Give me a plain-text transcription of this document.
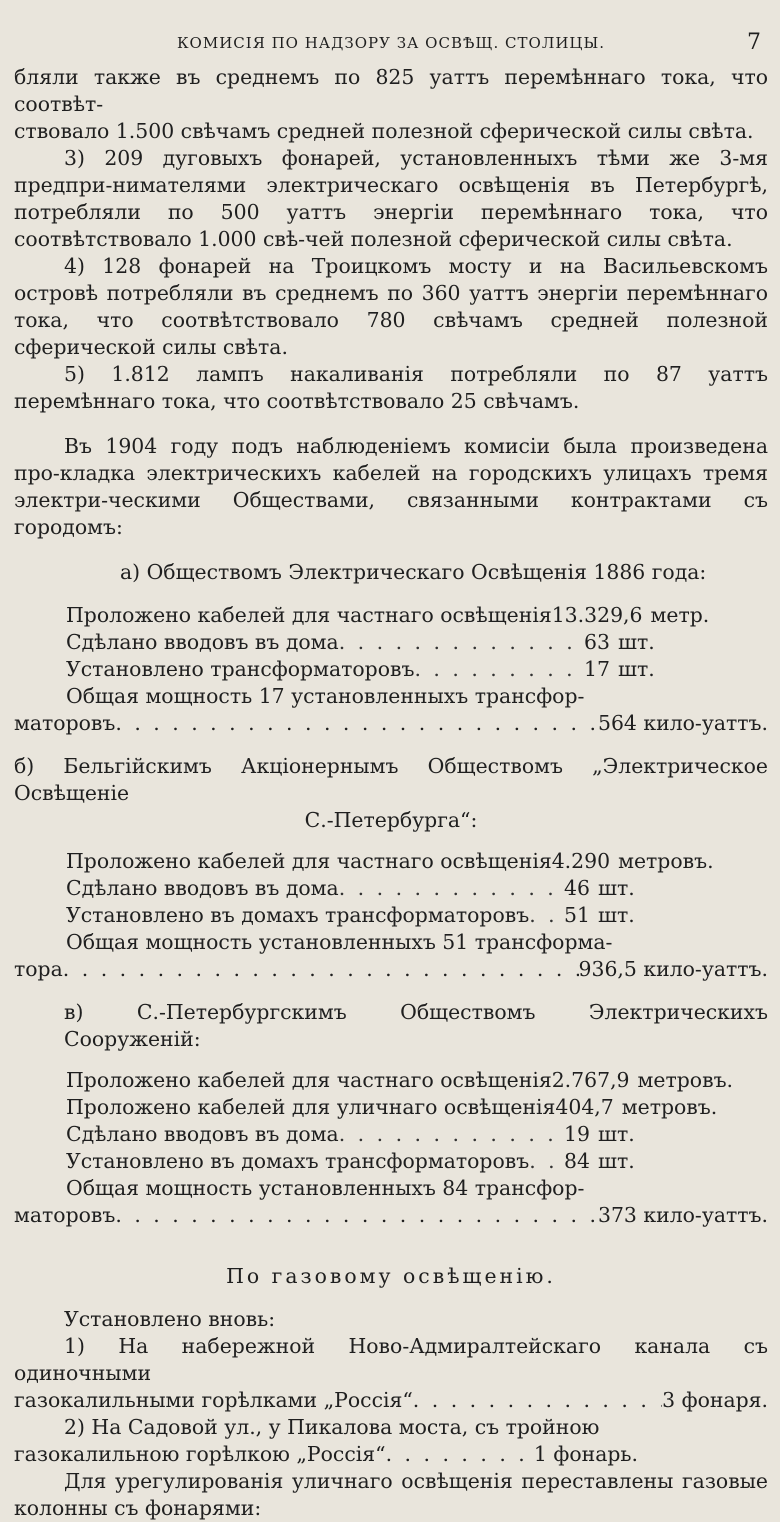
КОМИСІЯ ПО НАДЗОРУ ЗА ОСВѢЩ. СТОЛИЦЫ.	7

бляли также въ среднемъ по 825 уаттъ перемѣннаго тока, что соотвѣт-

ствовало 1.500 свѣчамъ средней полезной сферической силы свѣта.

3) 209 дуговыхъ фонарей, установленныхъ тѣми же 3-мя предпри-нимателями электрическаго освѣщенія въ Петербургѣ, потребляли по 500 уаттъ энергіи перемѣннаго тока, что соотвѣтствовало 1.000 свѣ-чей полезной сферической силы свѣта.

4) 128 фонарей на Троицкомъ мосту и на Васильевскомъ островѣ потребляли въ среднемъ по 360 уаттъ энергіи перемѣннаго тока, что соотвѣтствовало 780 свѣчамъ средней полезной сферической силы свѣта.

5) 1.812 лампъ накаливанія потребляли по 87 уаттъ перемѣннаго тока, что соотвѣтствовало 25 свѣчамъ.

Въ 1904 году подъ наблюденіемъ комисіи была произведена про-кладка электрическихъ кабелей на городскихъ улицахъ тремя электри-ческими Обществами, связанными контрактами съ городомъ:

а) Обществомъ Электрическаго Освѣщенія 1886 года:

Проложено кабелей для частнаго освѣщенія 13.329,6 метр.
Сдѣлано вводовъ въ дома . . .	63 шт.
Установлено трансформаторовъ . . .	17 шт.
Общая мощность 17 установленныхъ трансфор-
маторовъ . . .	564 кило-уаттъ.

б) Бельгійскимъ Акціонернымъ Обществомъ „Электрическое Освѣщеніе

С.-Петербурга“:

Проложено кабелей для частнаго освѣщенія 4.290 метровъ.
Сдѣлано вводовъ въ дома . . .	46 шт.
Установлено въ домахъ трансформаторовъ . . . 51 шт.
Общая мощность установленныхъ 51 трансформа-
тора . . .	936,5 кило-уаттъ.

в) С.-Петербургскимъ Обществомъ Электрическихъ Сооруженій:

Проложено кабелей для частнаго освѣщенія 2.767,9 метровъ.
Проложено кабелей для уличнаго освѣщенія 404,7 метровъ.
Сдѣлано вводовъ въ дома . . .	19 шт.
Установлено въ домахъ трансформаторовъ . . . 84 шт.
Общая мощность установленныхъ 84 трансфор-
маторовъ . . .	373 кило-уаттъ.

По газовому освѣщенію.

Установлено вновь:

1) На набережной Ново-Адмиралтейскаго канала съ одиночными

газокалильными горѣлками „Россія“ . . .	3 фонаря.

2) На Садовой ул., у Пикалова моста, съ тройною

газокалильною горѣлкою „Россія“ . . .	1 фонарь.

Для урегулированія уличнаго освѣщенія переставлены газовые колонны съ фонарями:
